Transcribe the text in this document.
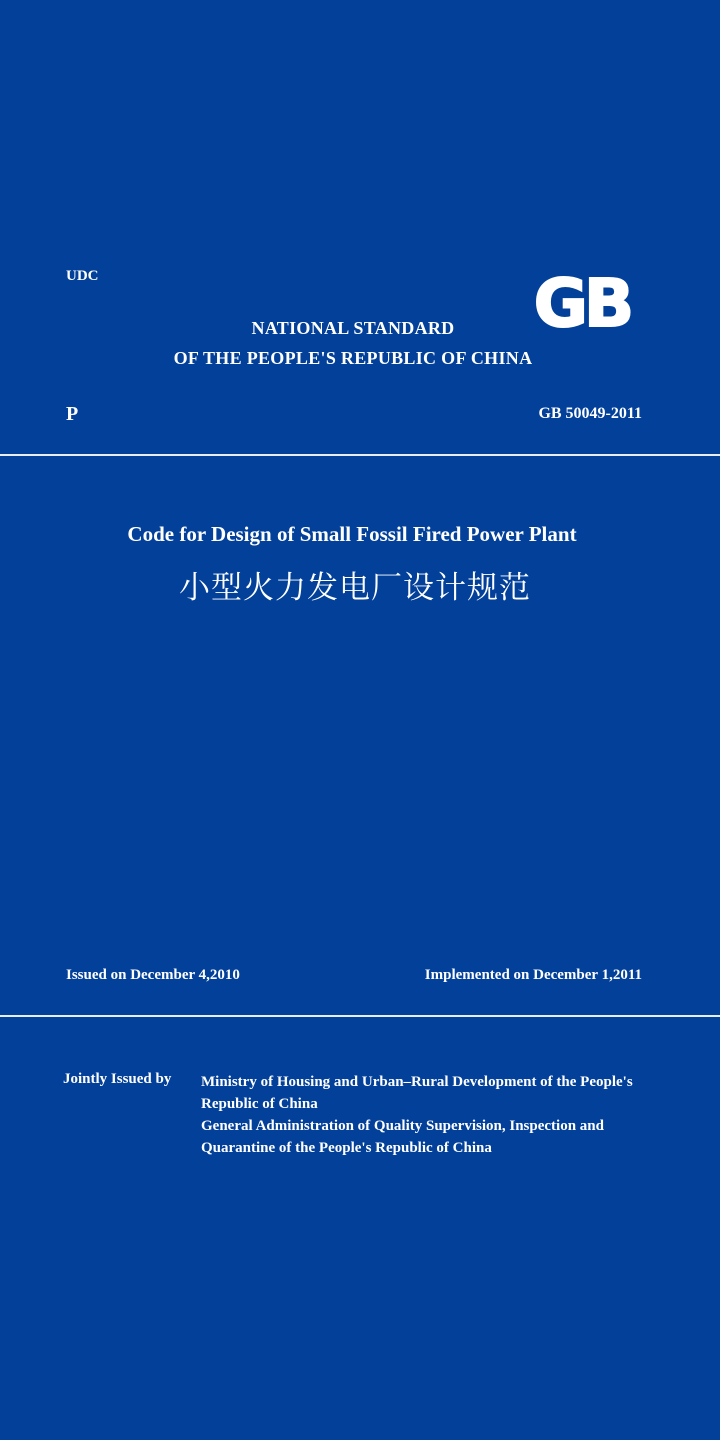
UDC
NATIONAL STANDARD
OF THE PEOPLE'S REPUBLIC OF CHINA
GB
P	GB 50049-2011
Code for Design of Small Fossil Fired Power Plant
小型火力发电厂设计规范
Issued on December 4,2010	Implemented on December 1,2011
Jointly Issued by Ministry of Housing and Urban–Rural Development of the People's
Republic of China
General Administration of Quality Supervision, Inspection and
Quarantine of the People's Republic of China
